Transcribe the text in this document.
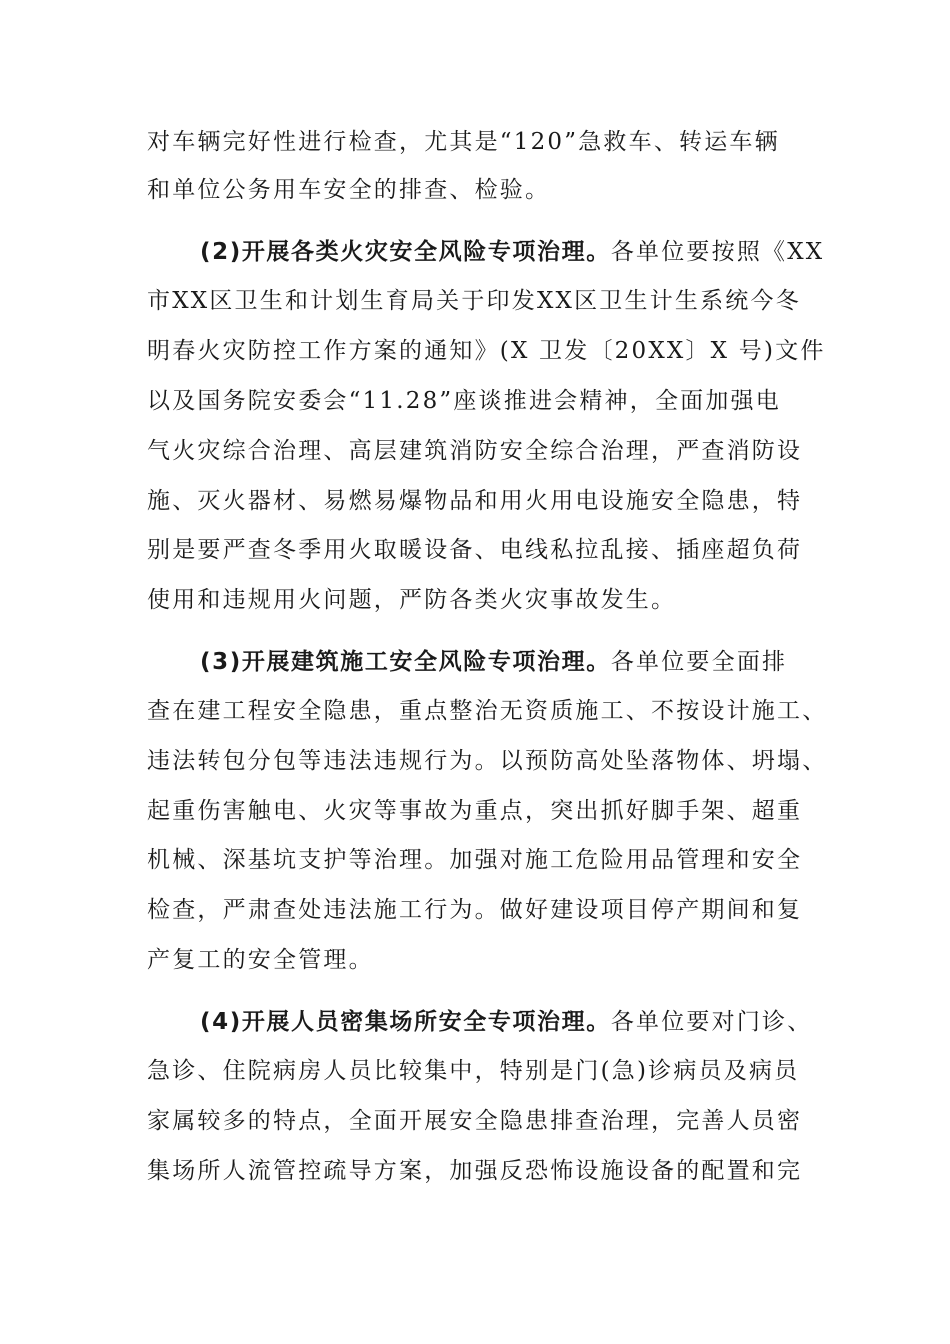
对车辆完好性进行检查，尤其是“120”急救车、转运车辆
和单位公务用车安全的排查、检验。
(2)开展各类火灾安全风险专项治理。各单位要按照《XX
市XX区卫生和计划生育局关于印发XX区卫生计生系统今冬
明春火灾防控工作方案的通知》(X 卫发〔20XX〕X 号)文件
以及国务院安委会“11.28”座谈推进会精神，全面加强电
气火灾综合治理、高层建筑消防安全综合治理，严查消防设
施、灭火器材、易燃易爆物品和用火用电设施安全隐患，特
别是要严查冬季用火取暖设备、电线私拉乱接、插座超负荷
使用和违规用火问题，严防各类火灾事故发生。
(3)开展建筑施工安全风险专项治理。各单位要全面排
查在建工程安全隐患，重点整治无资质施工、不按设计施工、
违法转包分包等违法违规行为。以预防高处坠落物体、坍塌、
起重伤害触电、火灾等事故为重点，突出抓好脚手架、超重
机械、深基坑支护等治理。加强对施工危险用品管理和安全
检查，严肃查处违法施工行为。做好建设项目停产期间和复
产复工的安全管理。
(4)开展人员密集场所安全专项治理。各单位要对门诊、
急诊、住院病房人员比较集中，特别是门(急)诊病员及病员
家属较多的特点，全面开展安全隐患排查治理，完善人员密
集场所人流管控疏导方案，加强反恐怖设施设备的配置和完
